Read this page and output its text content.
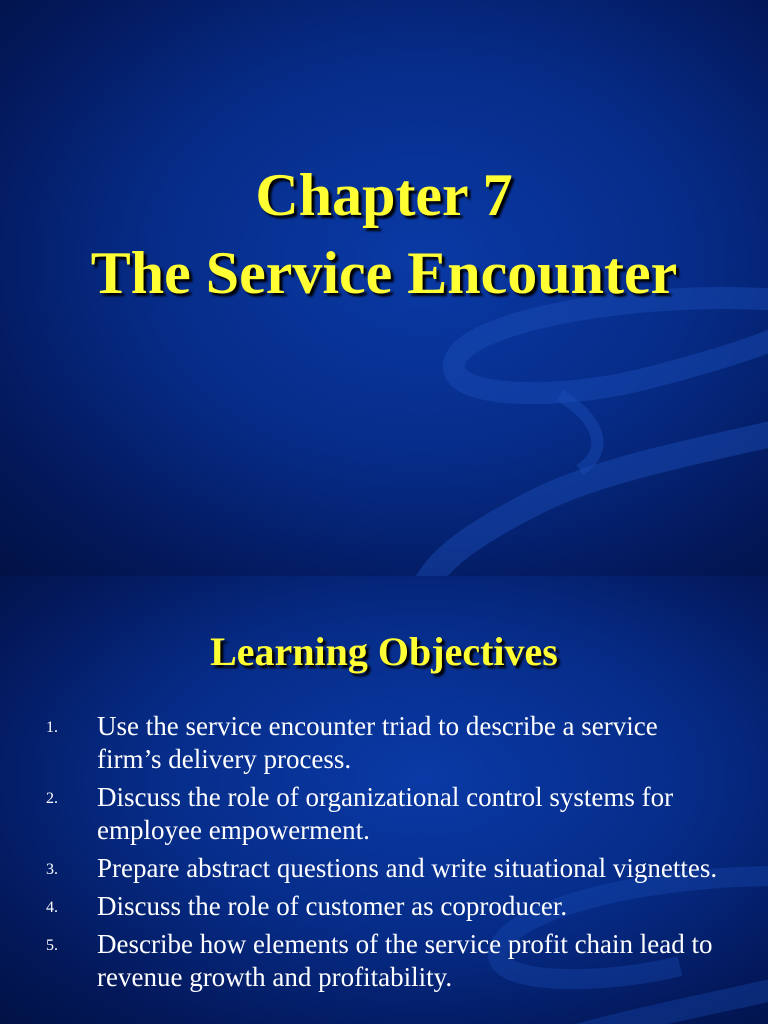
Chapter 7
The Service Encounter
Learning Objectives
1. Use the service encounter triad to describe a service firm’s delivery process.
2. Discuss the role of organizational control systems for employee empowerment.
3. Prepare abstract questions and write situational vignettes.
4. Discuss the role of customer as coproducer.
5. Describe how elements of the service profit chain lead to revenue growth and profitability.
